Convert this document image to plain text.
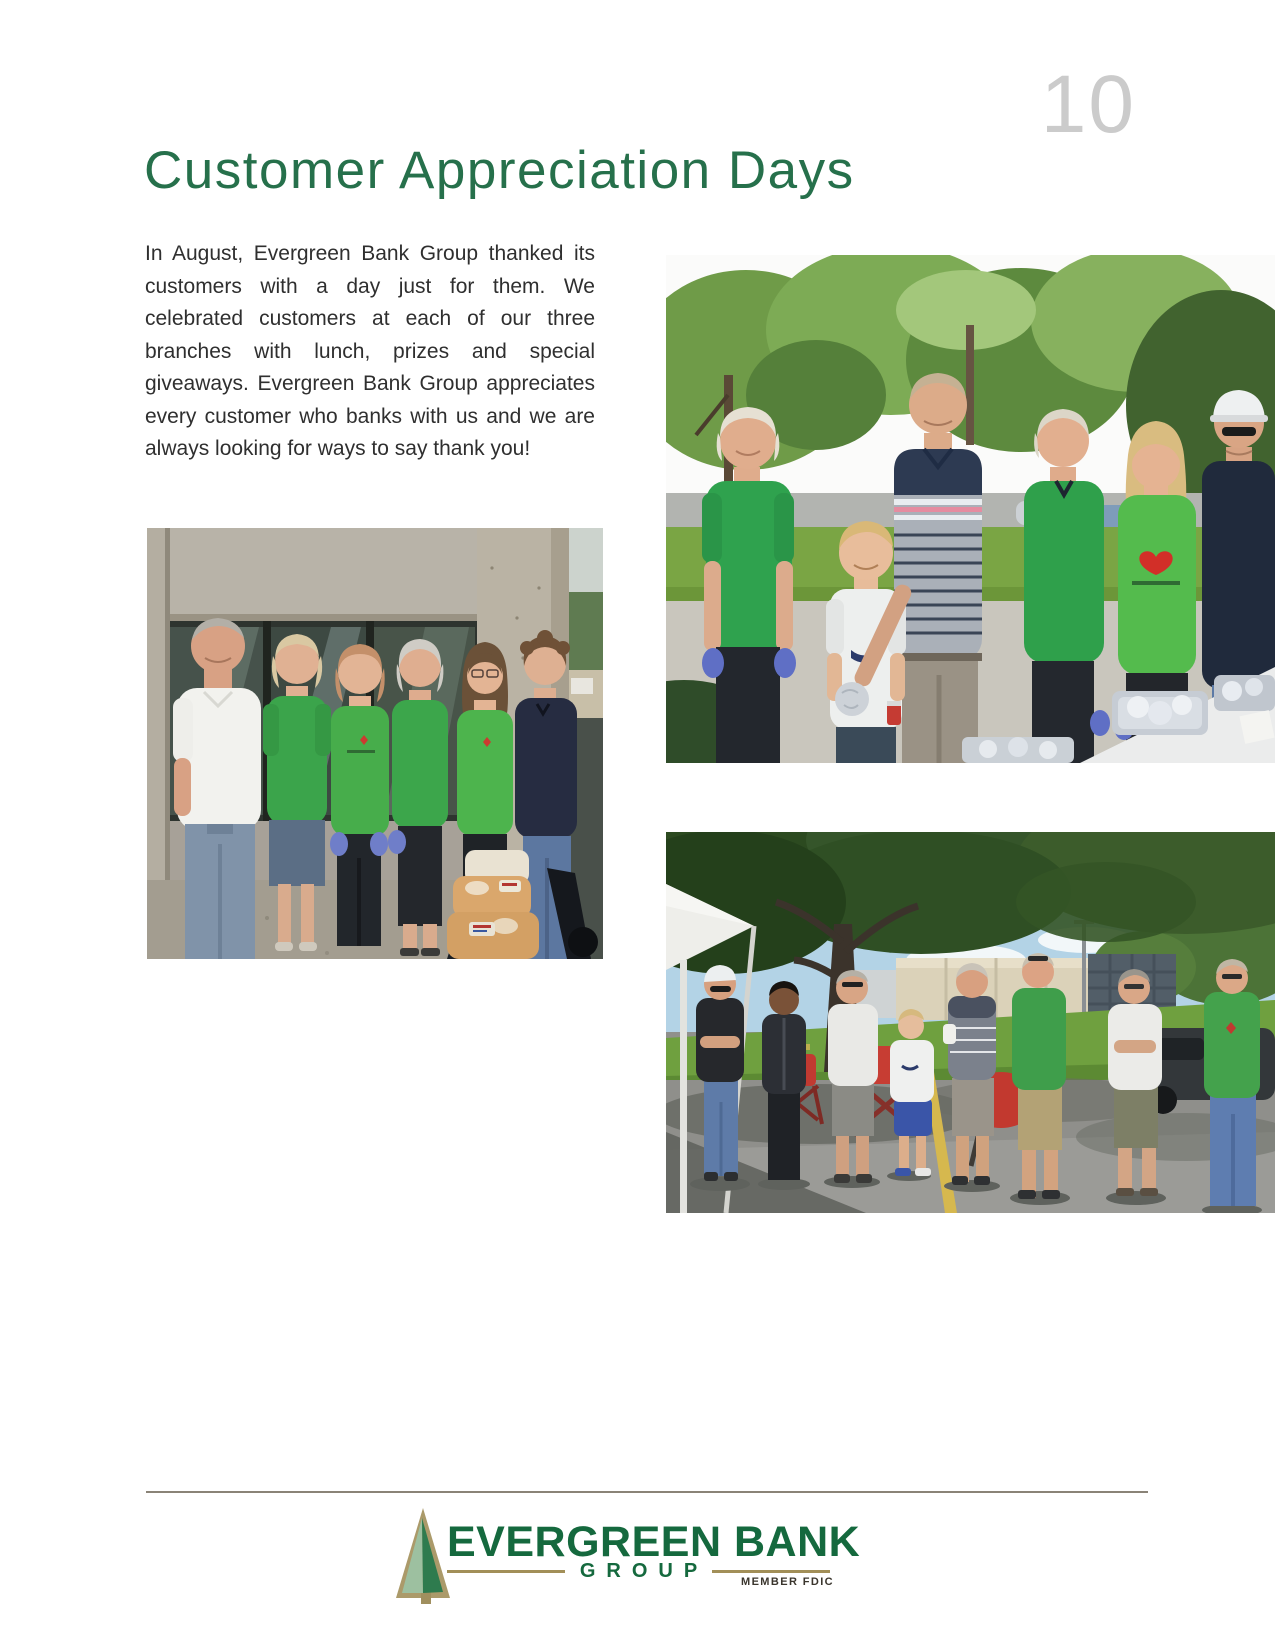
10
Customer Appreciation Days

In August, Evergreen Bank Group thanked its customers with a day just for them. We celebrated customers at each of our three branches with lunch, prizes and special giveaways. Evergreen Bank Group appreciates every customer who banks with us and we are always looking for ways to say thank you!

EVERGREEN BANK
GROUP
MEMBER FDIC
